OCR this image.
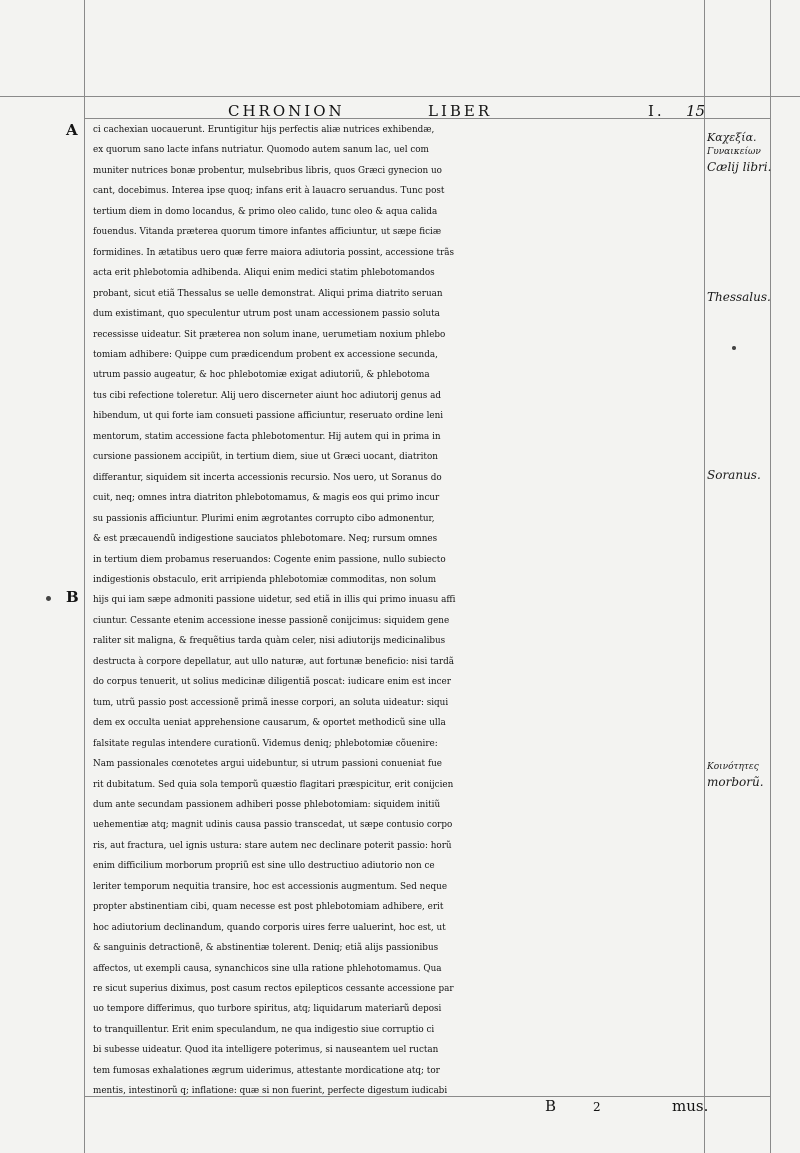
CHRONION	LIBER	I. 15
A
B
ci cachexian uocauerunt. Eruntigitur hijs perfectis aliæ nutrices exhibendæ,
ex quorum sano lacte infans nutriatur. Quomodo autem sanum lac, uel com
muniter nutrices bonæ probentur, mulsebribus libris, quos Græci gynecion uo
cant, docebimus. Interea ipse quoq; infans erit à lauacro seruandus. Tunc post
tertium diem in domo locandus, & primo oleo calido, tunc oleo & aqua calida
fouendus. Vitanda præterea quorum timore infantes afficiuntur, ut sæpe ficiæ
formidines. In ætatibus uero quæ ferre maiora adiutoria possint, accessione trãs
acta erit phlebotomia adhibenda. Aliqui enim medici statim phlebotomandos
probant, sicut etiã Thessalus se uelle demonstrat. Aliqui prima diatrito seruan
dum existimant, quo speculentur utrum post unam accessionem passio soluta
recessisse uideatur. Sit præterea non solum inane, uerumetiam noxium phlebo
tomiam adhibere: Quippe cum prædicendum probent ex accessione secunda,
utrum passio augeatur, & hoc phlebotomiæ exigat adiutoriũ, & phlebotoma
tus cibi refectione toleretur. Alij uero discerneter aiunt hoc adiutorij genus ad
hibendum, ut qui forte iam consueti passione afficiuntur, reseruato ordine leni
mentorum, statim accessione facta phlebotomentur. Hij autem qui in prima in
cursione passionem accipiũt, in tertium diem, siue ut Græci uocant, diatriton
differantur, siquidem sit incerta accessionis recursio. Nos uero, ut Soranus do
cuit, neq; omnes intra diatriton phlebotomamus, & magis eos qui primo incur
su passionis afficiuntur. Plurimi enim ægrotantes corrupto cibo admonentur,
& est præcauendũ indigestione sauciatos phlebotomare. Neq; rursum omnes
in tertium diem probamus reseruandos: Cogente enim passione, nullo subiecto
indigestionis obstaculo, erit arripienda phlebotomiæ commoditas, non solum
hijs qui iam sæpe admoniti passione uidetur, sed etiã in illis qui primo inuasu affi
ciuntur. Cessante etenim accessione inesse passionẽ conijcimus: siquidem gene
raliter sit maligna, & frequẽtius tarda quàm celer, nisi adiutorijs medicinalibus
destructa à corpore depellatur, aut ullo naturæ, aut fortunæ beneficio: nisi tardã
do corpus tenuerit, ut solius medicinæ diligentiã poscat: iudicare enim est incer
tum, utrũ passio post accessionẽ primã inesse corpori, an soluta uideatur: siqui
dem ex occulta ueniat apprehensione causarum, & oportet methodicũ sine ulla
falsitate regulas intendere curationũ. Videmus deniq; phlebotomiæ cõuenire:
Nam passionales cœnotetes argui uidebuntur, si utrum passioni conueniat fue
rit dubitatum. Sed quia sola temporũ quæstio flagitari præspicitur, erit conijcien
dum ante secundam passionem adhiberi posse phlebotomiam: siquidem initiũ
uehementiæ atq; magnit udinis causa passio transcedat, ut sæpe contusio corpo
ris, aut fractura, uel ignis ustura: stare autem nec declinare poterit passio: horũ
enim difficilium morborum propriũ est sine ullo destructiuo adiutorio non ce
leriter temporum nequitia transire, hoc est accessionis augmentum. Sed neque
propter abstinentiam cibi, quam necesse est post phlebotomiam adhibere, erit
hoc adiutorium declinandum, quando corporis uires ferre ualuerint, hoc est, ut
& sanguinis detractionẽ, & abstinentiæ tolerent. Deniq; etiã alijs passionibus
affectos, ut exempli causa, synanchicos sine ulla ratione phlehotomamus. Qua
re sicut superius diximus, post casum rectos epilepticos cessante accessione par
uo tempore differimus, quo turbore spiritus, atq; liquidarum materiarũ deposi
to tranquillentur. Erit enim speculandum, ne qua indigestio siue corruptio ci
bi subesse uideatur. Quod ita intelligere poterimus, si nauseantem uel ructan
tem fumosas exhalationes ægrum uiderimus, attestante mordicatione atq; tor
mentis, intestinorũ q; inflatione: quæ si non fuerint, perfecte digestum iudicabi
Καχεξία.
Γυναικείων
Cælij libri.
Thessalus.
Soranus.
Κοινότητες
morborũ.
B	2	mus.
